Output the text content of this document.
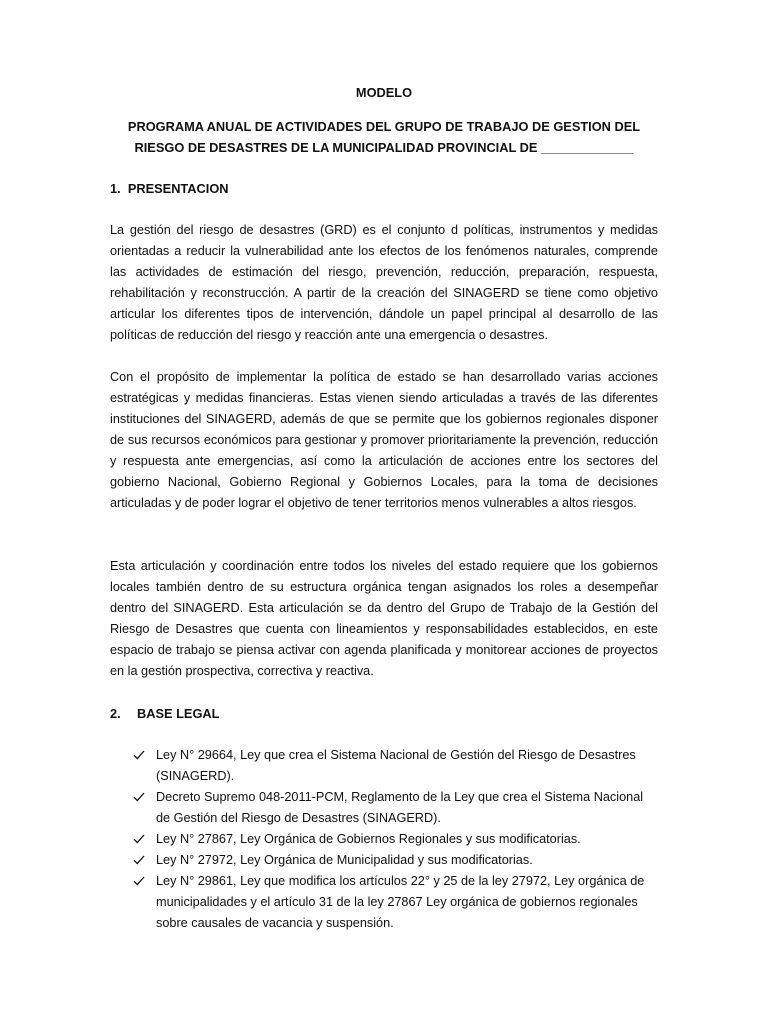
MODELO

PROGRAMA ANUAL DE ACTIVIDADES DEL GRUPO DE TRABAJO DE GESTION DEL RIESGO DE DESASTRES DE LA MUNICIPALIDAD PROVINCIAL DE _____________

1. PRESENTACION

La gestión del riesgo de desastres (GRD) es el conjunto d políticas, instrumentos y medidas orientadas a reducir la vulnerabilidad ante los efectos de los fenómenos naturales, comprende las actividades de estimación del riesgo, prevención, reducción, preparación, respuesta, rehabilitación y reconstrucción. A partir de la creación del SINAGERD se tiene como objetivo articular los diferentes tipos de intervención, dándole un papel principal al desarrollo de las políticas de reducción del riesgo y reacción ante una emergencia o desastres.

Con el propósito de implementar la política de estado se han desarrollado varias acciones estratégicas y medidas financieras. Estas vienen siendo articuladas a través de las diferentes instituciones del SINAGERD, además de que se permite que los gobiernos regionales disponer de sus recursos económicos para gestionar y promover prioritariamente la prevención, reducción y respuesta ante emergencias, así como la articulación de acciones entre los sectores del gobierno Nacional, Gobierno Regional y Gobiernos Locales, para la toma de decisiones articuladas y de poder lograr el objetivo de tener territorios menos vulnerables a altos riesgos.

Esta articulación y coordinación entre todos los niveles del estado requiere que los gobiernos locales también dentro de su estructura orgánica tengan asignados los roles a desempeñar dentro del SINAGERD. Esta articulación se da dentro del Grupo de Trabajo de la Gestión del Riesgo de Desastres que cuenta con lineamientos y responsabilidades establecidos, en este espacio de trabajo se piensa activar con agenda planificada y monitorear acciones de proyectos en la gestión prospectiva, correctiva y reactiva.

2. BASE LEGAL

Ley N° 29664, Ley que crea el Sistema Nacional de Gestión del Riesgo de Desastres (SINAGERD).
Decreto Supremo 048-2011-PCM, Reglamento de la Ley que crea el Sistema Nacional de Gestión del Riesgo de Desastres (SINAGERD).
Ley N° 27867, Ley Orgánica de Gobiernos Regionales y sus modificatorias.
Ley N° 27972, Ley Orgánica de Municipalidad y sus modificatorias.
Ley N° 29861, Ley que modifica los artículos 22° y 25 de la ley 27972, Ley orgánica de municipalidades y el artículo 31 de la ley 27867 Ley orgánica de gobiernos regionales sobre causales de vacancia y suspensión.
